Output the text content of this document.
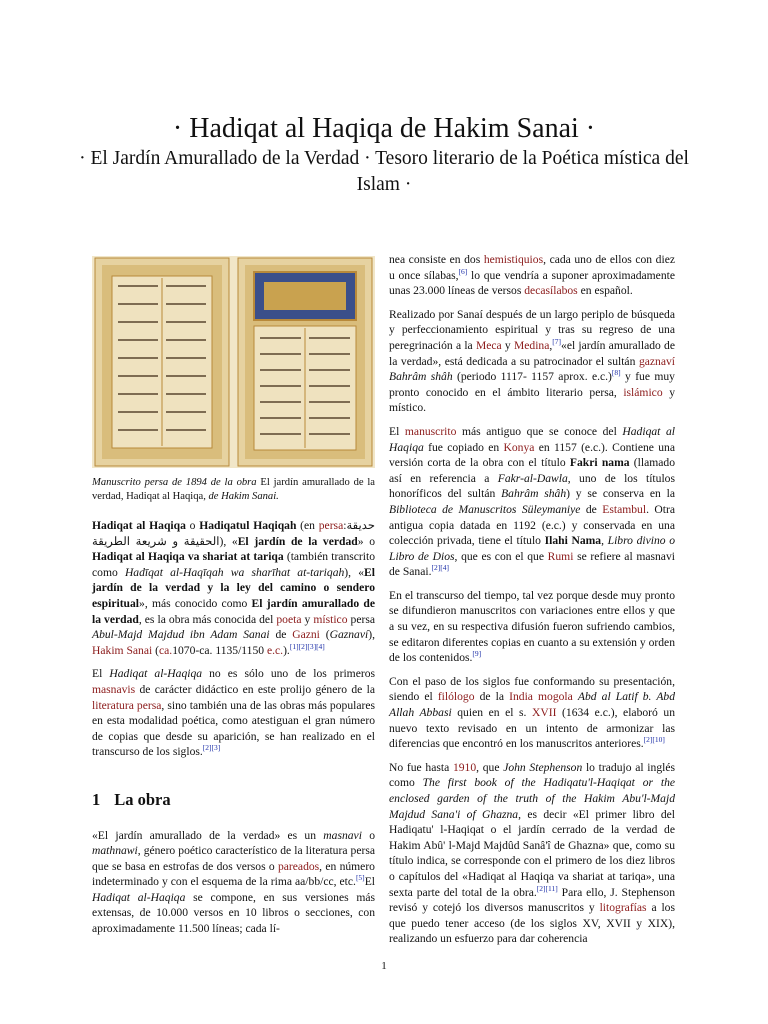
· Hadiqat al Haqiqa de Hakim Sanai ·
· El Jardín Amurallado de la Verdad · Tesoro literario de la Poética mística del Islam ·
Manuscrito persa de 1894 de la obra El jardín amurallado de la verdad, Hadiqat al Haqiqa, de Hakim Sanai.

Hadiqat al Haqiqa o Hadiqatul Haqiqah (en persa:حدیقة الحقیقة و شریعة الطریقة), «El jardín de la verdad» o Hadiqat al Haqiqa va shariat at tariqa (también transcrito como Hadīqat al-Haqīqah wa sharīhat at-tariqah), «El jardín de la verdad y la ley del camino o sendero espiritual», más conocido como El jardín amurallado de la verdad, es la obra más conocida del poeta y místico persa Abul-Majd Majdud ibn Adam Sanai de Gazni (Gaznaví), Hakim Sanai (ca.1070-ca. 1135/1150 e.c.).[1][2][3][4]

El Hadiqat al-Haqiqa no es sólo uno de los primeros masnavis de carácter didáctico en este prolijo género de la literatura persa, sino también una de las obras más populares en esta modalidad poética, como atestiguan el gran número de copias que desde su aparición, se han realizado en el transcurso de los siglos.[2][3]

1 La obra

«El jardín amurallado de la verdad» es un masnavi o mathnawi, género poético característico de la literatura persa que se basa en estrofas de dos versos o pareados, en número indeterminado y con el esquema de la rima aa/bb/cc, etc.[5]El Hadiqat al-Haqiqa se compone, en sus versiones más extensas, de 10.000 versos en 10 libros o secciones, con aproximadamente 11.500 líneas; cada lí-

nea consiste en dos hemistiquios, cada uno de ellos con diez u once sílabas,[6] lo que vendría a suponer aproximadamente unas 23.000 líneas de versos decasílabos en español.

Realizado por Sanaí después de un largo periplo de búsqueda y perfeccionamiento espiritual y tras su regreso de una peregrinación a la Meca y Medina,[7]«el jardín amurallado de la verdad», está dedicada a su patrocinador el sultán gaznaví Bahrâm shâh (periodo 1117- 1157 aprox. e.c.)[8] y fue muy pronto conocido en el ámbito literario persa, islámico y místico.

El manuscrito más antiguo que se conoce del Hadiqat al Haqiqa fue copiado en Konya en 1157 (e.c.). Contiene una versión corta de la obra con el título Fakri nama (llamado así en referencia a Fakr-al-Dawla, uno de los títulos honoríficos del sultán Bahrâm shâh) y se conserva en la Biblioteca de Manuscritos Süleymaniye de Estambul. Otra antigua copia datada en 1192 (e.c.) y conservada en una colección privada, tiene el título Ilahi Nama, Libro divino o Libro de Dios, que es con el que Rumi se refiere al masnavi de Sanai.[2][4]

En el transcurso del tiempo, tal vez porque desde muy pronto se difundieron manuscritos con variaciones entre ellos y que a su vez, en su respectiva difusión fueron sufriendo cambios, se editaron diferentes copias en cuanto a su extensión y orden de los contenidos.[9]

Con el paso de los siglos fue conformando su presentación, siendo el filólogo de la India mogola Abd al Latif b. Abd Allah Abbasi quien en el s. XVII (1634 e.c.), elaboró un nuevo texto revisado en un intento de armonizar las diferencias que encontró en los manuscritos anteriores.[2][10]

No fue hasta 1910, que John Stephenson lo tradujo al inglés como The first book of the Hadiqatu'l-Haqiqat or the enclosed garden of the truth of the Hakim Abu'l-Majd Majdud Sana'i of Ghazna, es decir «El primer libro del Hadiqatu' l-Haqiqat o el jardín cerrado de la verdad de Hakim Abû' l-Majd Majdûd Sanâ'î de Ghazna» que, como su título indica, se corresponde con el primero de los diez libros o capítulos del «Hadiqat al Haqiqa va shariat at tariqa», una sexta parte del total de la obra.[2][11] Para ello, J. Stephenson revisó y cotejó los diversos manuscritos y litografías a los que puedo tener acceso (de los siglos XV, XVII y XIX), realizando un esfuerzo para dar coherencia

1
